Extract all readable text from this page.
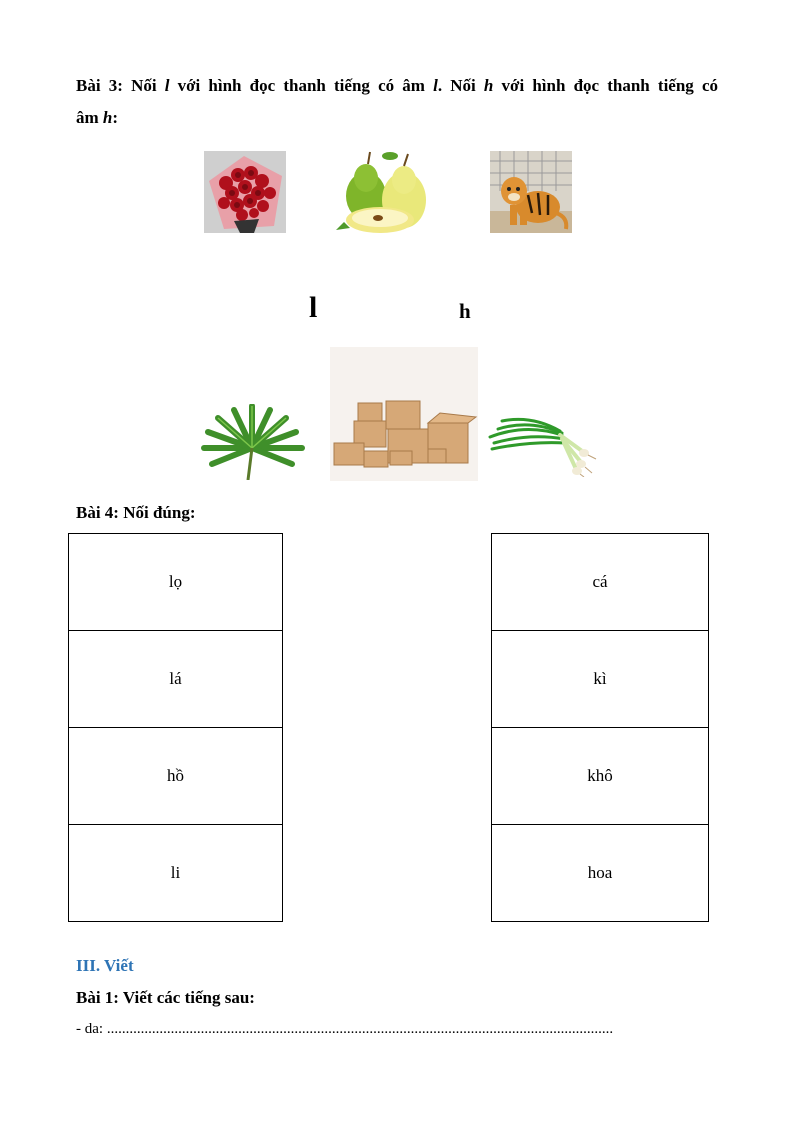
Bài 3: Nối l với hình đọc thanh tiếng có âm l. Nối h với hình đọc thanh tiếng có
âm h:
l	h
Bài 4: Nối đúng:
lọ
lá
hồ
li
cá
kì
khô
hoa
III. Viết
Bài 1: Viết các tiếng sau:
- da: .......................................................................................................................................
